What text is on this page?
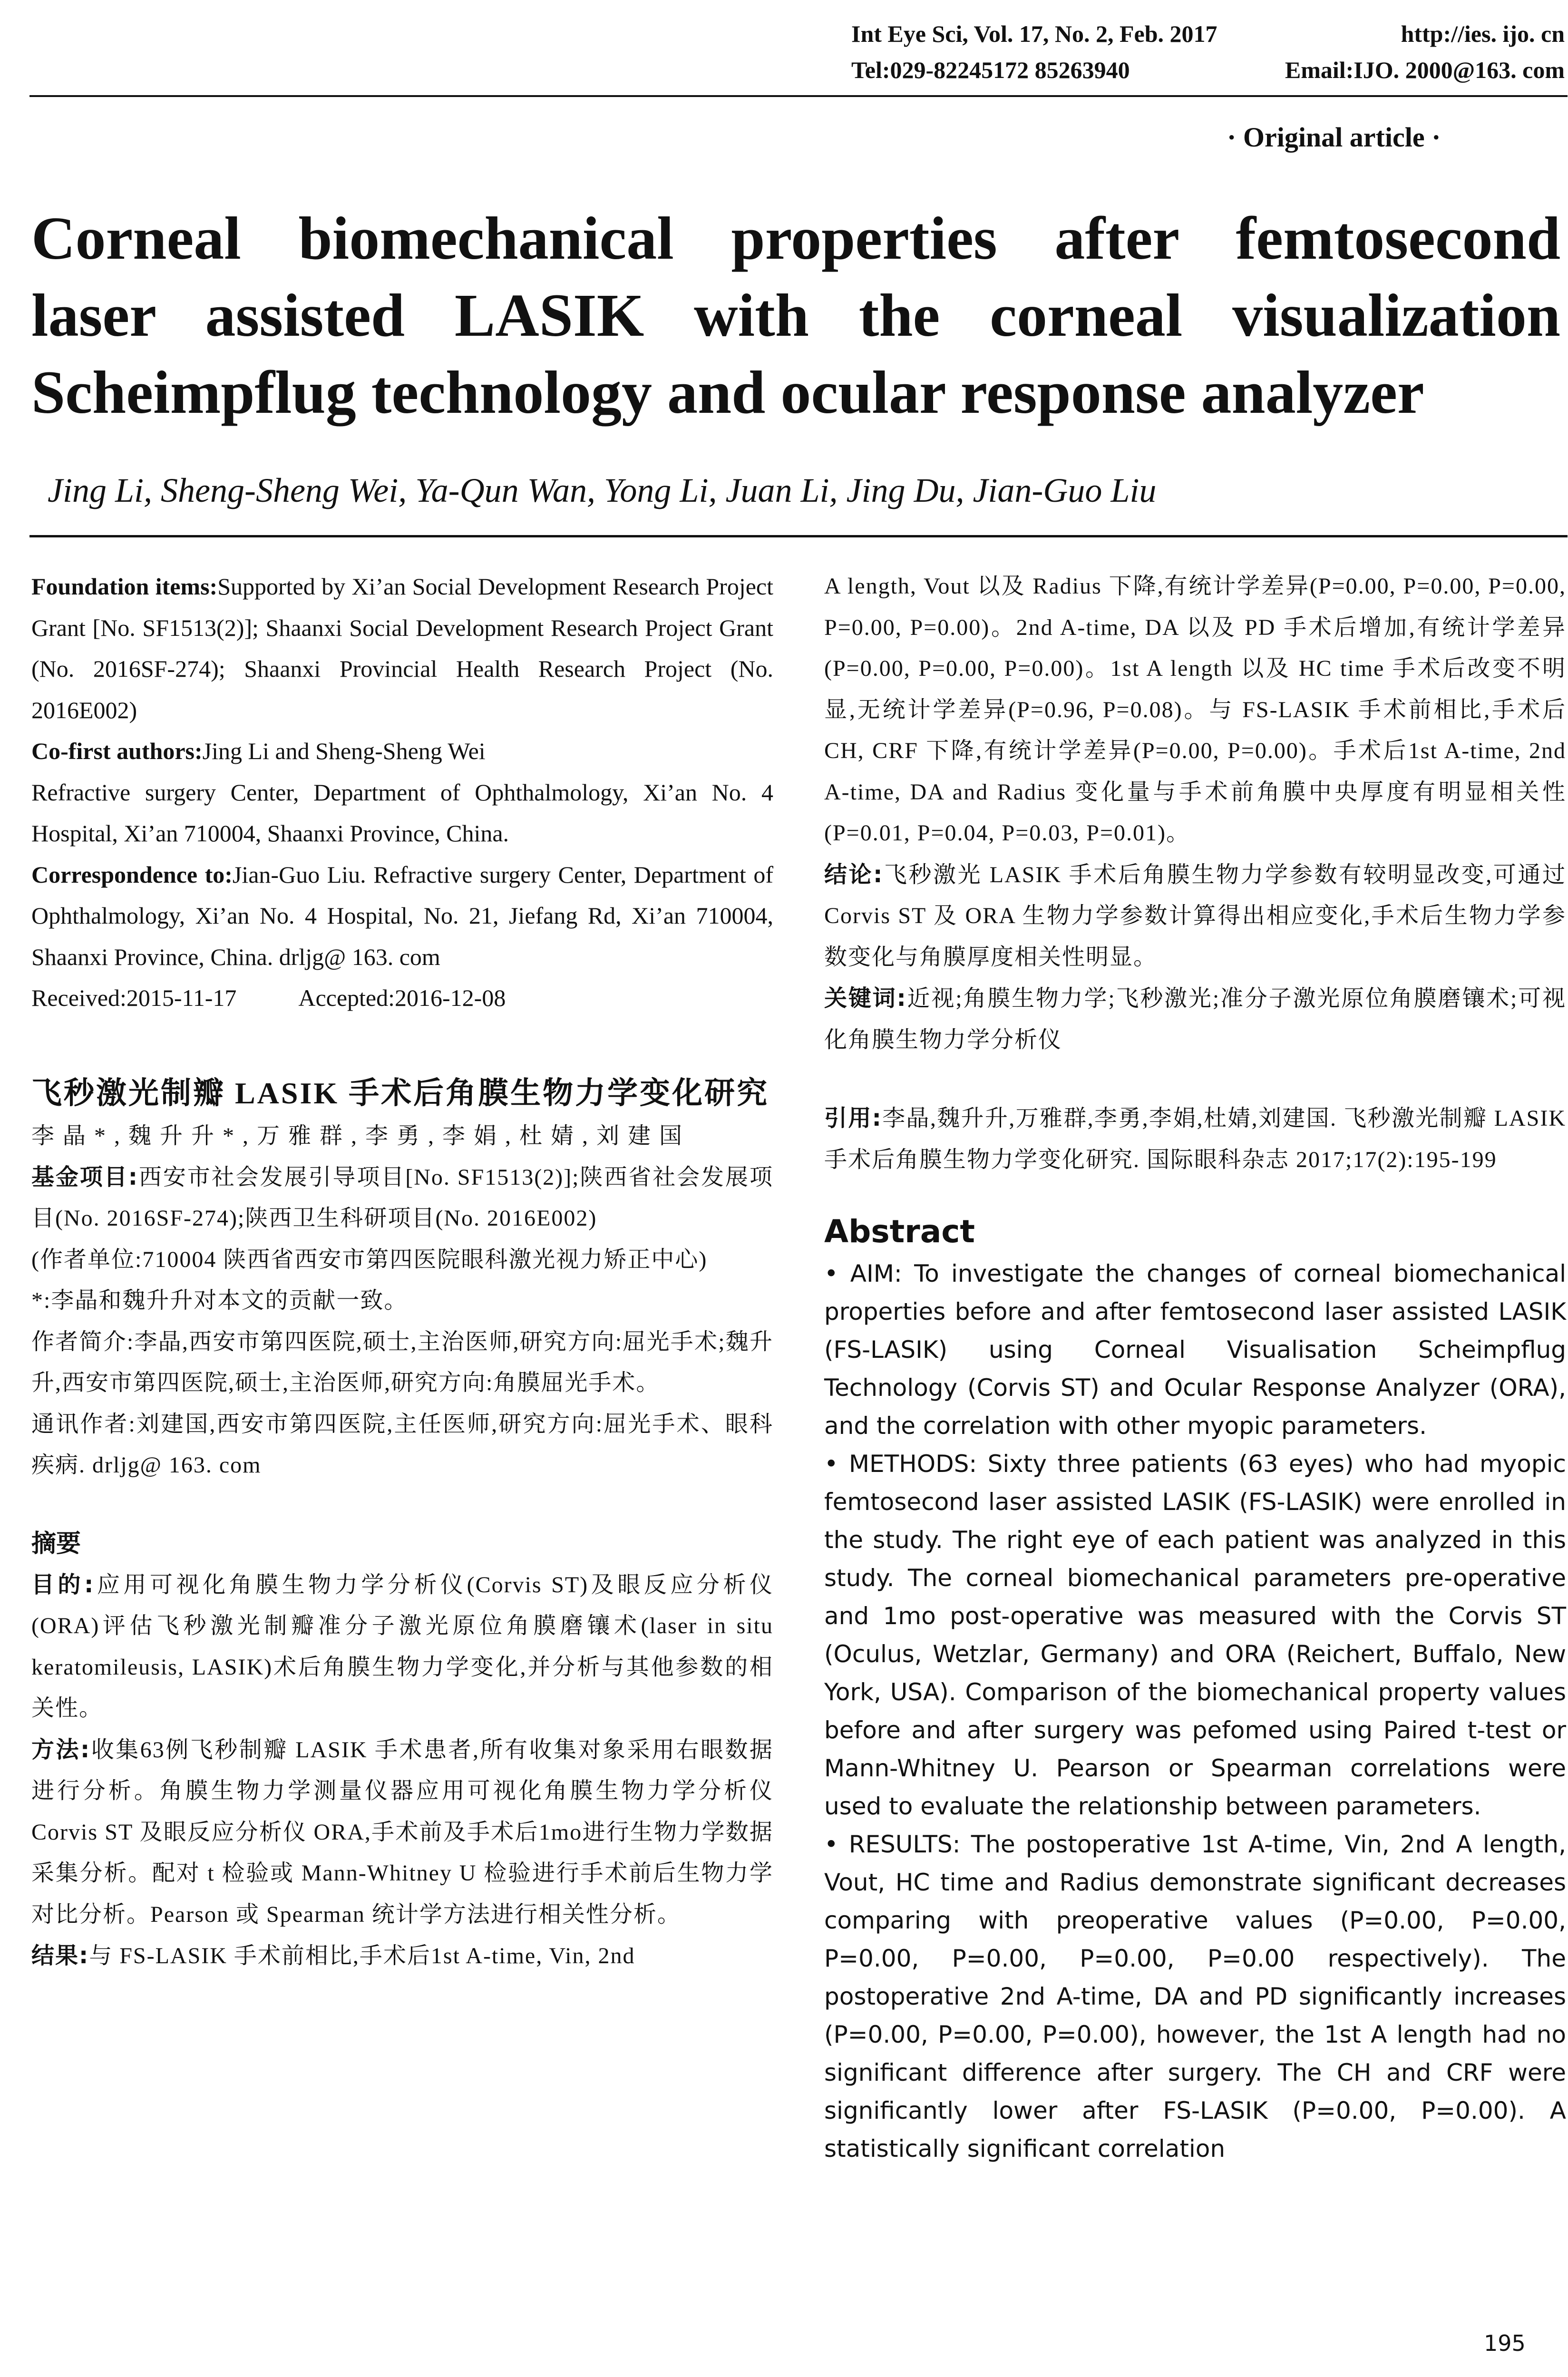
Int Eye Sci, Vol. 17, No. 2, Feb. 2017	http://ies. ijo. cn
Tel:029-82245172 85263940	Email:IJO. 2000@163. com
· Original article ·
Corneal biomechanical properties after femtosecond
laser assisted LASIK with the corneal visualization
Scheimpflug technology and ocular response analyzer
Jing Li, Sheng-Sheng Wei, Ya-Qun Wan, Yong Li, Juan Li, Jing Du, Jian-Guo Liu

Foundation items:Supported by Xi’an Social Development Research Project Grant [No. SF1513(2)]; Shaanxi Social Development Research Project Grant (No. 2016SF-274); Shaanxi Provincial Health Research Project (No. 2016E002)

Co-first authors:Jing Li and Sheng-Sheng Wei

Refractive surgery Center, Department of Ophthalmology, Xi’an No. 4 Hospital, Xi’an 710004, Shaanxi Province, China.

Correspondence to:Jian-Guo Liu. Refractive surgery Center, Department of Ophthalmology, Xi’an No. 4 Hospital, No. 21, Jiefang Rd, Xi’an 710004, Shaanxi Province, China. drljg@ 163. com

Received:2015-11-17	Accepted:2016-12-08

飞秒激光制瓣 LASIK 手术后角膜生物力学变化研究

李晶*,魏升升*,万雅群,李勇,李娟,杜婧,刘建国

基金项目:西安市社会发展引导项目[No. SF1513(2)];陕西省社会发展项目(No. 2016SF-274);陕西卫生科研项目(No. 2016E002)

(作者单位:710004 陕西省西安市第四医院眼科激光视力矫正中心)

*:李晶和魏升升对本文的贡献一致。

作者简介:李晶,西安市第四医院,硕士,主治医师,研究方向:屈光手术;魏升升,西安市第四医院,硕士,主治医师,研究方向:角膜屈光手术。

通讯作者:刘建国,西安市第四医院,主任医师,研究方向:屈光手术、眼科疾病. drljg@ 163. com

摘要

目的:应用可视化角膜生物力学分析仪(Corvis ST)及眼反应分析仪(ORA)评估飞秒激光制瓣准分子激光原位角膜磨镶术(laser in situ keratomileusis, LASIK)术后角膜生物力学变化,并分析与其他参数的相关性。

方法:收集63例飞秒制瓣 LASIK 手术患者,所有收集对象采用右眼数据进行分析。角膜生物力学测量仪器应用可视化角膜生物力学分析仪 Corvis ST 及眼反应分析仪 ORA,手术前及手术后1mo进行生物力学数据采集分析。配对 t 检验或 Mann-Whitney U 检验进行手术前后生物力学对比分析。Pearson 或 Spearman 统计学方法进行相关性分析。

结果:与 FS-LASIK 手术前相比,手术后1st A-time, Vin, 2nd

A length, Vout 以及 Radius 下降,有统计学差异(P=0.00, P=0.00, P=0.00, P=0.00, P=0.00)。2nd A-time, DA 以及 PD 手术后增加,有统计学差异(P=0.00, P=0.00, P=0.00)。1st A length 以及 HC time 手术后改变不明显,无统计学差异(P=0.96, P=0.08)。与 FS-LASIK 手术前相比,手术后 CH, CRF 下降,有统计学差异(P=0.00, P=0.00)。手术后1st A-time, 2nd A-time, DA and Radius 变化量与手术前角膜中央厚度有明显相关性(P=0.01, P=0.04, P=0.03, P=0.01)。

结论:飞秒激光 LASIK 手术后角膜生物力学参数有较明显改变,可通过 Corvis ST 及 ORA 生物力学参数计算得出相应变化,手术后生物力学参数变化与角膜厚度相关性明显。

关键词:近视;角膜生物力学;飞秒激光;准分子激光原位角膜磨镶术;可视化角膜生物力学分析仪

引用:李晶,魏升升,万雅群,李勇,李娟,杜婧,刘建国. 飞秒激光制瓣 LASIK 手术后角膜生物力学变化研究. 国际眼科杂志 2017;17(2):195-199

Abstract

• AIM: To investigate the changes of corneal biomechanical properties before and after femtosecond laser assisted LASIK (FS-LASIK) using Corneal Visualisation Scheimpflug Technology (Corvis ST) and Ocular Response Analyzer (ORA), and the correlation with other myopic parameters.

• METHODS: Sixty three patients (63 eyes) who had myopic femtosecond laser assisted LASIK (FS-LASIK) were enrolled in the study. The right eye of each patient was analyzed in this study. The corneal biomechanical parameters pre-operative and 1mo post-operative was measured with the Corvis ST (Oculus, Wetzlar, Germany) and ORA (Reichert, Buffalo, New York, USA). Comparison of the biomechanical property values before and after surgery was pefomed using Paired t-test or Mann-Whitney U. Pearson or Spearman correlations were used to evaluate the relationship between parameters.

• RESULTS: The postoperative 1st A-time, Vin, 2nd A length, Vout, HC time and Radius demonstrate significant decreases comparing with preoperative values (P=0.00, P=0.00, P=0.00, P=0.00, P=0.00, P=0.00 respectively). The postoperative 2nd A-time, DA and PD significantly increases (P=0.00, P=0.00, P=0.00), however, the 1st A length had no significant difference after surgery. The CH and CRF were significantly lower after FS-LASIK (P=0.00, P=0.00). A statistically significant correlation

195
